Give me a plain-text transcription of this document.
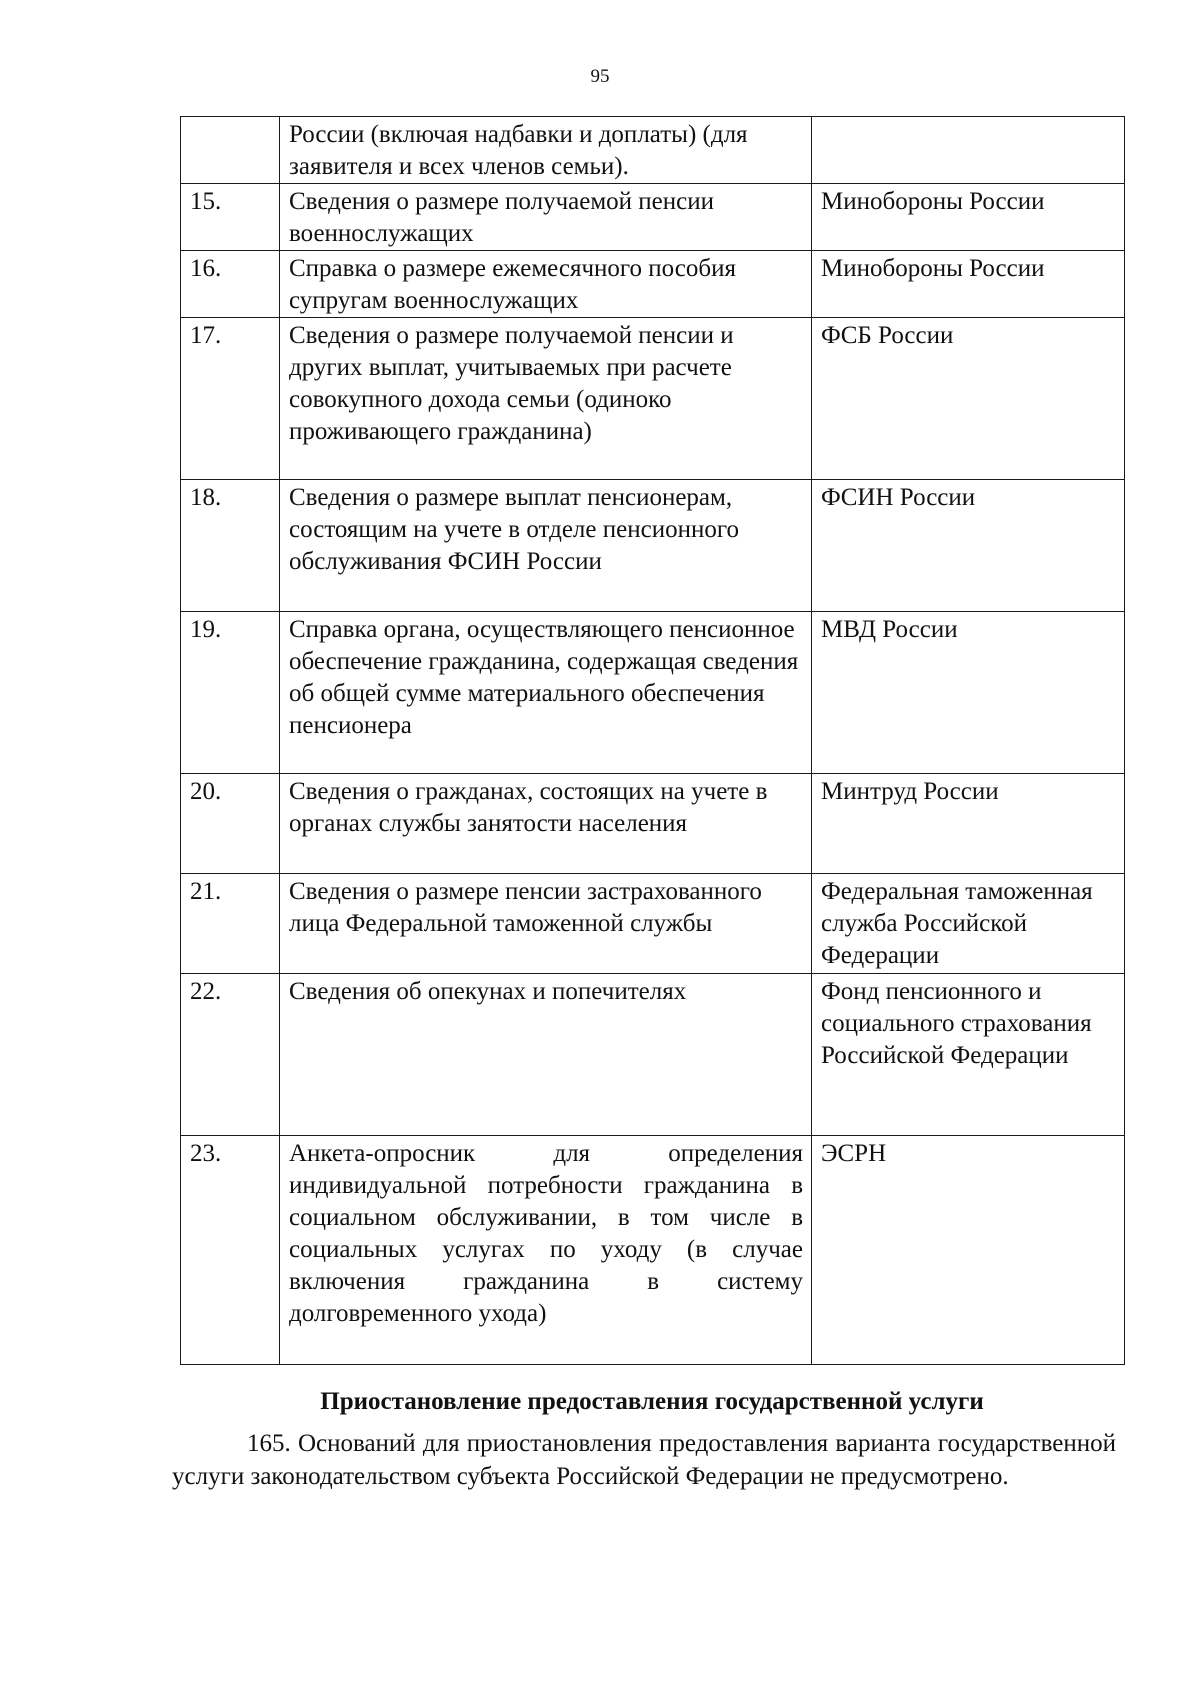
95
	России (включая надбавки и доплаты) (для заявителя и всех членов семьи).	
15.	Сведения о размере получаемой пенсии военнослужащих	Минобороны России
16.	Справка о размере ежемесячного пособия супругам военнослужащих	Минобороны России
17.	Сведения о размере получаемой пенсии и других выплат, учитываемых при расчете совокупного дохода семьи (одиноко проживающего гражданина)	ФСБ России
18.	Сведения о размере выплат пенсионерам, состоящим на учете в отделе пенсионного обслуживания ФСИН России	ФСИН России
19.	Справка органа, осуществляющего пенсионное обеспечение гражданина, содержащая сведения об общей сумме материального обеспечения пенсионера	МВД России
20.	Сведения о гражданах, состоящих на учете в органах службы занятости населения	Минтруд России
21.	Сведения о размере пенсии застрахованного лица Федеральной таможенной службы	Федеральная таможенная служба Российской Федерации
22.	Сведения об опекунах и попечителях	Фонд пенсионного и социального страхования Российской Федерации
23.	Анкета-опросник для определения индивидуальной потребности гражданина в социальном обслуживании, в том числе в социальных услугах по уходу (в случае включения гражданина в систему долговременного ухода)	ЭСРН
Приостановление предоставления государственной услуги
165. Оснований для приостановления предоставления варианта государственной услуги законодательством субъекта Российской Федерации не предусмотрено.
